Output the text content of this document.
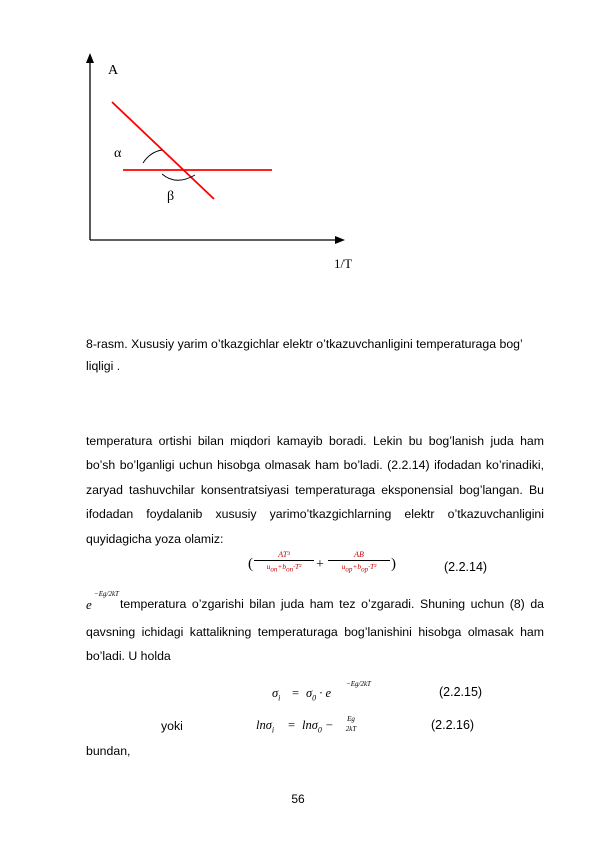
A
1/T
α
β
8-rasm. Xususiy yarim o’tkazgichlar elektr o’tkazuvchanligini temperaturaga bog’
liqligi .
temperatura ortishi bilan miqdori kamayib boradi. Lekin bu bog’lanish juda ham bo’sh bo’lganligi uchun hisobga olmasak ham bo’ladi. (2.2.14) ifodadan ko’rinadiki, zaryad tashuvchilar konsentratsiyasi temperaturaga eksponensial bog’langan. Bu ifodadan foydalanib xususiy yarimo’tkazgichlarning elektr o’tkazuvchanligini quyidagicha yoza olamiz:
(
AT³
$u_{on}+b_{on}\cdot T^2$	+
AB
$u_{op}+b_{op}\cdot T^2$ )	(2.2.14)
e
−Eg/2kT
temperatura o’zgarishi bilan juda ham tez o’zgaradi. Shuning uchun (8) da
qavsning ichidagi kattalikning temperaturaga bog’lanishini hisobga olmasak ham bo’ladi. U holda
$\sigma_i = \sigma_0 \cdot e$
−Eg/2kT
(2.2.15)
yoki	lnσ$_i$ = lnσ$_0$ −	Eg
2kT	(2.2.16)
bundan,
56
